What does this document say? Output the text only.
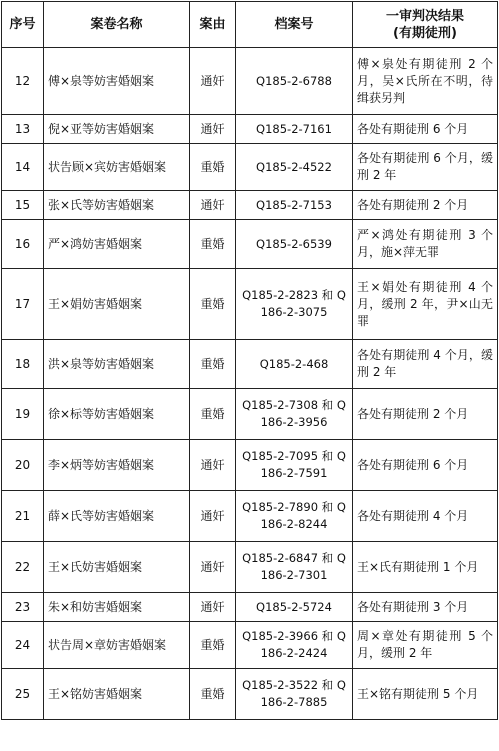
序号	案卷名称	案由	档案号	一审判决结果
(有期徒刑)

12	傅×泉等妨害婚姻案	通奸	Q185-2-6788	傅×泉处有期徒刑 2 个月，吴×氏所在不明，待缉获另判
13	倪×亚等妨害婚姻案	通奸	Q185-2-7161	各处有期徒刑 6 个月
14	状告顾×宾妨害婚姻案	重婚	Q185-2-4522	各处有期徒刑 6 个月，缓刑 2 年
15	张×氏等妨害婚姻案	通奸	Q185-2-7153	各处有期徒刑 2 个月
16	严×鸿妨害婚姻案	重婚	Q185-2-6539	严×鸿处有期徒刑 3 个月，施×萍无罪
17	王×娟妨害婚姻案	重婚	Q185-2-2823 和 Q186-2-3075	王×娟处有期徒刑 4 个月，缓刑 2 年，尹×山无罪
18	洪×泉等妨害婚姻案	重婚	Q185-2-468	各处有期徒刑 4 个月，缓刑 2 年
19	徐×标等妨害婚姻案	重婚	Q185-2-7308 和 Q186-2-3956	各处有期徒刑 2 个月
20	李×炳等妨害婚姻案	通奸	Q185-2-7095 和 Q186-2-7591	各处有期徒刑 6 个月
21	薛×氏等妨害婚姻案	通奸	Q185-2-7890 和 Q186-2-8244	各处有期徒刑 4 个月
22	王×氏妨害婚姻案	通奸	Q185-2-6847 和 Q186-2-7301	王×氏有期徒刑 1 个月
23	朱×和妨害婚姻案	通奸	Q185-2-5724	各处有期徒刑 3 个月
24	状告周×章妨害婚姻案	重婚	Q185-2-3966 和 Q186-2-2424	周×章处有期徒刑 5 个月，缓刑 2 年
25	王×铭妨害婚姻案	重婚	Q185-2-3522 和 Q186-2-7885	王×铭有期徒刑 5 个月
